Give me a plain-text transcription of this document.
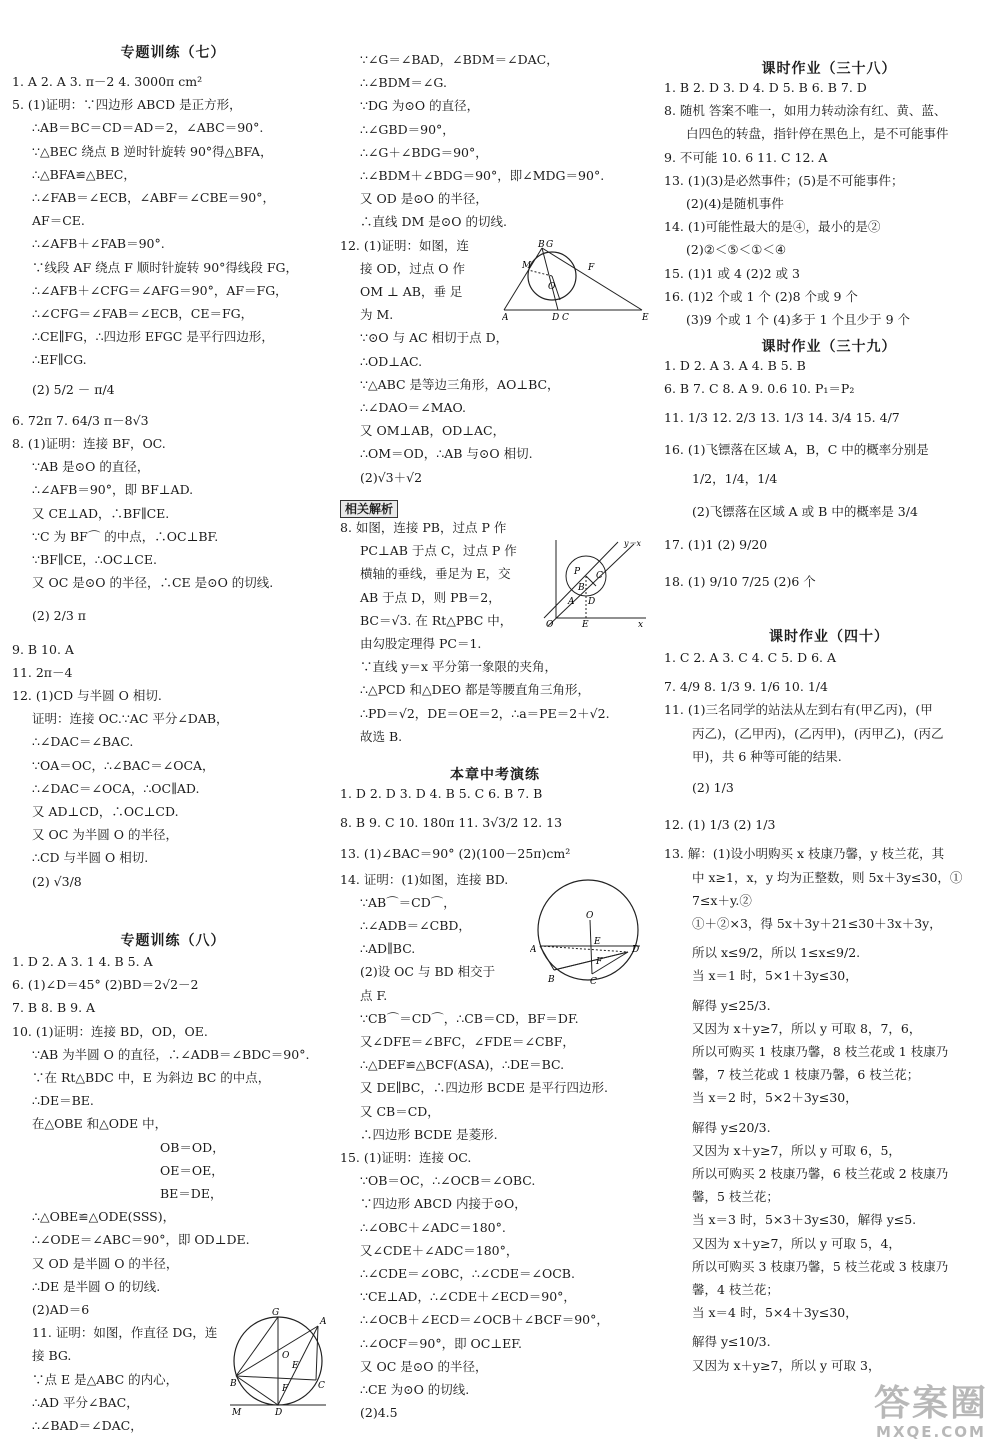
专题训练（七）
1. A 2. A 3. π－2 4. 3000π cm²
5. (1)证明：∵四边形 ABCD 是正方形，
∴AB＝BC＝CD＝AD＝2，∠ABC＝90°.
∵△BEC 绕点 B 逆时针旋转 90°得△BFA，
∴△BFA≌△BEC，
∴∠FAB＝∠ECB，∠ABF＝∠CBE＝90°，
AF＝CE.
∴∠AFB＋∠FAB＝90°.
∵线段 AF 绕点 F 顺时针旋转 90°得线段 FG，
∴∠AFB＋∠CFG＝∠AFG＝90°，AF＝FG，
∴∠CFG＝∠FAB＝∠ECB，CE＝FG，
∴CE∥FG，∴四边形 EFGC 是平行四边形，
∴EF∥CG.
(2) 5/2 － π/4
6. 72π 7. 64/3 π－8√3
8. (1)证明：连接 BF，OC.
∵AB 是⊙O 的直径，
∴∠AFB＝90°，即 BF⊥AD.
又 CE⊥AD，∴BF∥CE.
∵C 为 BF⌒ 的中点，∴OC⊥BF.
∵BF∥CE，∴OC⊥CE.
又 OC 是⊙O 的半径，∴CE 是⊙O 的切线.
(2) 2/3 π
9. B 10. A
11. 2π－4
12. (1)CD 与半圆 O 相切.
证明：连接 OC.∵AC 平分∠DAB，
∴∠DAC＝∠BAC.
∵OA＝OC，∴∠BAC＝∠OCA，
∴∠DAC＝∠OCA，∴OC∥AD.
又 AD⊥CD，∴OC⊥CD.
又 OC 为半圆 O 的半径，
∴CD 与半圆 O 相切.
(2) √3/8
专题训练（八）
1. D 2. A 3. 1 4. B 5. A
6. (1)∠D＝45° (2)BD＝2√2－2
7. B 8. B 9. A
10. (1)证明：连接 BD，OD，OE.
∵AB 为半圆 O 的直径，∴∠ADB＝∠BDC＝90°.
∵在 Rt△BDC 中，E 为斜边 BC 的中点，
∴DE＝BE.
在△OBE 和△ODE 中，
OB＝OD，
OE＝OE，
BE＝DE，
∴△OBE≌△ODE(SSS)，
∴∠ODE＝∠ABC＝90°，即 OD⊥DE.
又 OD 是半圆 O 的半径，
∴DE 是半圆 O 的切线.
(2)AD＝6
11. 证明：如图，作直径 DG，连
接 BG.
∵点 E 是△ABC 的内心，
∴AD 平分∠BAC，
∴∠BAD＝∠DAC，
G
A
O
E
B	F	C
M	D
∵∠G＝∠BAD，∠BDM＝∠DAC，
∴∠BDM＝∠G.
∵DG 为⊙O 的直径，
∴∠GBD＝90°，
∴∠G＋∠BDG＝90°，
∴∠BDM＋∠BDG＝90°，即∠MDG＝90°.
又 OD 是⊙O 的半径，
∴直线 DM 是⊙O 的切线.
12. (1)证明：如图，连
接 OD，过点 O 作
OM ⊥ AB，垂 足
为 M.
∵⊙O 与 AC 相切于点 D，
∴OD⊥AC.
∵△ABC 是等边三角形，AO⊥BC，
∴∠DAO＝∠MAO.
又 OM⊥AB，OD⊥AC，
∴OM＝OD，∴AB 与⊙O 相切.
(2)√3＋√2
B G
M
O
F
A	D C	E
相关解析
8. 如图，连接 PB，过点 P 作
PC⊥AB 于点 C，过点 P 作
横轴的垂线，垂足为 E，交
AB 于点 D，则 PB＝2，
BC＝√3. 在 Rt△PBC 中，
由勾股定理得 PC＝1.
∵直线 y＝x 平分第一象限的夹角，
∴△PCD 和△DEO 都是等腰直角三角形，
∴PD＝√2，DE＝OE＝2，∴a＝PE＝2＋√2.
故选 B.
y＝x
P C
B
A D
O	E	x
本章中考演练
1. D 2. D 3. D 4. B 5. C 6. B 7. B
8. B 9. C 10. 180π 11. 3√3/2 12. 13
13. (1)∠BAC＝90° (2)(100－25π)cm²
14. 证明：(1)如图，连接 BD.
∵AB⌒＝CD⌒，
∴∠ADB＝∠CBD，
∴AD∥BC.
(2)设 OC 与 BD 相交于
点 F.
∵CB⌒＝CD⌒，∴CB＝CD，BF＝DF.
又∠DFE＝∠BFC，∠FDE＝∠CBF，
∴△DEF≌△BCF(ASA)，∴DE＝BC.
又 DE∥BC，∴四边形 BCDE 是平行四边形.
又 CB＝CD，
∴四边形 BCDE 是菱形.
15. (1)证明：连接 OC.
∵OB＝OC，∴∠OCB＝∠OBC.
∵四边形 ABCD 内接于⊙O，
∴∠OBC＋∠ADC＝180°.
又∠CDE＋∠ADC＝180°，
∴∠CDE＝∠OBC，∴∠CDE＝∠OCB.
∵CE⊥AD，∴∠CDE＋∠ECD＝90°，
∴∠OCB＋∠ECD＝∠OCB＋∠BCF＝90°，
∴∠OCF＝90°，即 OC⊥EF.
又 OC 是⊙O 的半径，
∴CE 为⊙O 的切线.
(2)4.5
O
E
A	D
F
B	C
课时作业（三十八）
1. B 2. D 3. D 4. D 5. B 6. B 7. D
8. 随机 答案不唯一，如用力转动涂有红、黄、蓝、
白四色的转盘，指针停在黑色上，是不可能事件
9. 不可能 10. 6 11. C 12. A
13. (1)(3)是必然事件；(5)是不可能事件；
(2)(4)是随机事件
14. (1)可能性最大的是④，最小的是②
(2)②＜⑤＜①＜④
15. (1)1 或 4 (2)2 或 3
16. (1)2 个或 1 个 (2)8 个或 9 个
(3)9 个或 1 个 (4)多于 1 个且少于 9 个
课时作业（三十九）
1. D 2. A 3. A 4. B 5. B
6. B 7. C 8. A 9. 0.6 10. P₁＝P₂
11. 1/3 12. 2/3 13. 1/3 14. 3/4 15. 4/7
16. (1)飞镖落在区域 A，B，C 中的概率分别是
1/2，1/4，1/4
(2)飞镖落在区域 A 或 B 中的概率是 3/4
17. (1)1 (2) 9/20
18. (1) 9/10 7/25 (2)6 个
课时作业（四十）
1. C 2. A 3. C 4. C 5. D 6. A
7. 4/9 8. 1/3 9. 1/6 10. 1/4
11. (1)三名同学的站法从左到右有(甲乙丙)，(甲
丙乙)，(乙甲丙)，(乙丙甲)，(丙甲乙)，(丙乙
甲)，共 6 种等可能的结果.
(2) 1/3
12. (1) 1/3 (2) 1/3
13. 解：(1)设小明购买 x 枝康乃馨，y 枝兰花，其
中 x≥1，x，y 均为正整数，则 5x＋3y≤30，①
7≤x＋y.②
①＋②×3，得 5x＋3y＋21≤30＋3x＋3y，
所以 x≤9/2，所以 1≤x≤9/2.
当 x＝1 时，5×1＋3y≤30，
解得 y≤25/3.
又因为 x＋y≥7，所以 y 可取 8，7，6，
所以可购买 1 枝康乃馨，8 枝兰花或 1 枝康乃
馨，7 枝兰花或 1 枝康乃馨，6 枝兰花；
当 x＝2 时，5×2＋3y≤30，
解得 y≤20/3.
又因为 x＋y≥7，所以 y 可取 6，5，
所以可购买 2 枝康乃馨，6 枝兰花或 2 枝康乃
馨，5 枝兰花；
当 x＝3 时，5×3＋3y≤30，解得 y≤5.
又因为 x＋y≥7，所以 y 可取 5，4，
所以可购买 3 枝康乃馨，5 枝兰花或 3 枝康乃
馨，4 枝兰花；
当 x＝4 时，5×4＋3y≤30，
解得 y≤10/3.
又因为 x＋y≥7，所以 y 可取 3，
答案圈
MXQE.COM
